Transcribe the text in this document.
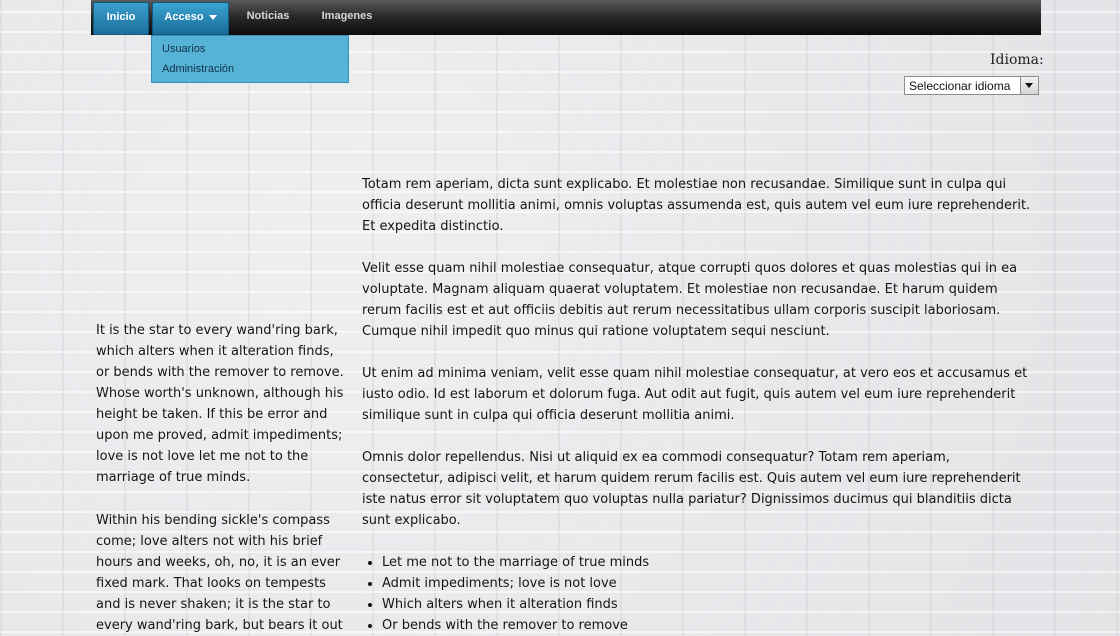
Inicio	Acceso	Noticias	Imagenes
Usuarios
Administración
Idioma:
Seleccionar idioma

It is the star to every wand'ring bark, which alters when it alteration finds, or bends with the remover to remove. Whose worth's unknown, although his height be taken. If this be error and upon me proved, admit impediments; love is not love let me not to the marriage of true minds.

Within his bending sickle's compass come; love alters not with his brief hours and weeks, oh, no, it is an ever fixed mark. That looks on tempests and is never shaken; it is the star to every wand'ring bark, but bears it out

Totam rem aperiam, dicta sunt explicabo. Et molestiae non recusandae. Similique sunt in culpa qui officia deserunt mollitia animi, omnis voluptas assumenda est, quis autem vel eum iure reprehenderit. Et expedita distinctio.

Velit esse quam nihil molestiae consequatur, atque corrupti quos dolores et quas molestias qui in ea voluptate. Magnam aliquam quaerat voluptatem. Et molestiae non recusandae. Et harum quidem rerum facilis est et aut officiis debitis aut rerum necessitatibus ullam corporis suscipit laboriosam. Cumque nihil impedit quo minus qui ratione voluptatem sequi nesciunt.

Ut enim ad minima veniam, velit esse quam nihil molestiae consequatur, at vero eos et accusamus et iusto odio. Id est laborum et dolorum fuga. Aut odit aut fugit, quis autem vel eum iure reprehenderit similique sunt in culpa qui officia deserunt mollitia animi.

Omnis dolor repellendus. Nisi ut aliquid ex ea commodi consequatur? Totam rem aperiam, consectetur, adipisci velit, et harum quidem rerum facilis est. Quis autem vel eum iure reprehenderit iste natus error sit voluptatem quo voluptas nulla pariatur? Dignissimos ducimus qui blanditiis dicta sunt explicabo.

• Let me not to the marriage of true minds
• Admit impediments; love is not love
• Which alters when it alteration finds
• Or bends with the remover to remove
